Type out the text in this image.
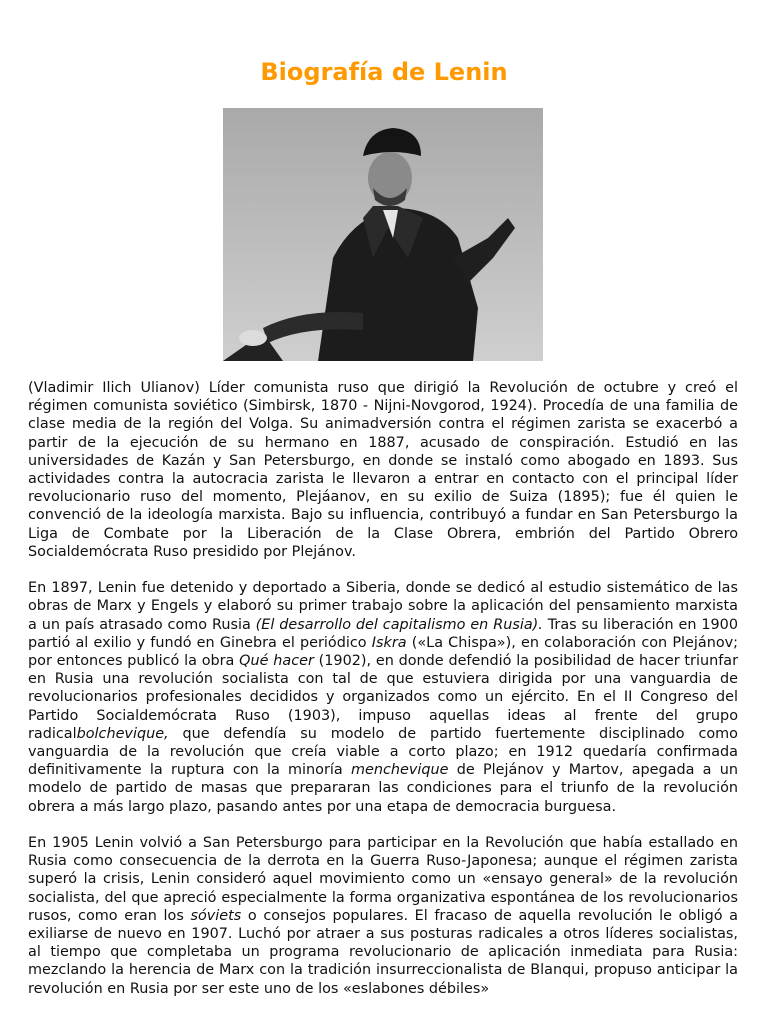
Biografía de Lenin

(Vladimir Ilich Ulianov) Líder comunista ruso que dirigió la Revolución de octubre y creó el régimen comunista soviético (Simbirsk, 1870 - Nijni-Novgorod, 1924). Procedía de una familia de clase media de la región del Volga. Su animadversión contra el régimen zarista se exacerbó a partir de la ejecución de su hermano en 1887, acusado de conspiración. Estudió en las universidades de Kazán y San Petersburgo, en donde se instaló como abogado en 1893. Sus actividades contra la autocracia zarista le llevaron a entrar en contacto con el principal líder revolucionario ruso del momento, Plejáanov, en su exilio de Suiza (1895); fue él quien le convenció de la ideología marxista. Bajo su influencia, contribuyó a fundar en San Petersburgo la Liga de Combate por la Liberación de la Clase Obrera, embrión del Partido Obrero Socialdemócrata Ruso presidido por Plejánov.

En 1897, Lenin fue detenido y deportado a Siberia, donde se dedicó al estudio sistemático de las obras de Marx y Engels y elaboró su primer trabajo sobre la aplicación del pensamiento marxista a un país atrasado como Rusia (El desarrollo del capitalismo en Rusia). Tras su liberación en 1900 partió al exilio y fundó en Ginebra el periódico Iskra («La Chispa»), en colaboración con Plejánov; por entonces publicó la obra Qué hacer (1902), en donde defendió la posibilidad de hacer triunfar en Rusia una revolución socialista con tal de que estuviera dirigida por una vanguardia de revolucionarios profesionales decididos y organizados como un ejército. En el II Congreso del Partido Socialdemócrata Ruso (1903), impuso aquellas ideas al frente del grupo radicalbolchevique, que defendía su modelo de partido fuertemente disciplinado como vanguardia de la revolución que creía viable a corto plazo; en 1912 quedaría confirmada definitivamente la ruptura con la minoría menchevique de Plejánov y Martov, apegada a un modelo de partido de masas que prepararan las condiciones para el triunfo de la revolución obrera a más largo plazo, pasando antes por una etapa de democracia burguesa.

En 1905 Lenin volvió a San Petersburgo para participar en la Revolución que había estallado en Rusia como consecuencia de la derrota en la Guerra Ruso-Japonesa; aunque el régimen zarista superó la crisis, Lenin consideró aquel movimiento como un «ensayo general» de la revolución socialista, del que apreció especialmente la forma organizativa espontánea de los revolucionarios rusos, como eran los sóviets o consejos populares. El fracaso de aquella revolución le obligó a exiliarse de nuevo en 1907. Luchó por atraer a sus posturas radicales a otros líderes socialistas, al tiempo que completaba un programa revolucionario de aplicación inmediata para Rusia: mezclando la herencia de Marx con la tradición insurreccionalista de Blanqui, propuso anticipar la revolución en Rusia por ser este uno de los «eslabones débiles»
